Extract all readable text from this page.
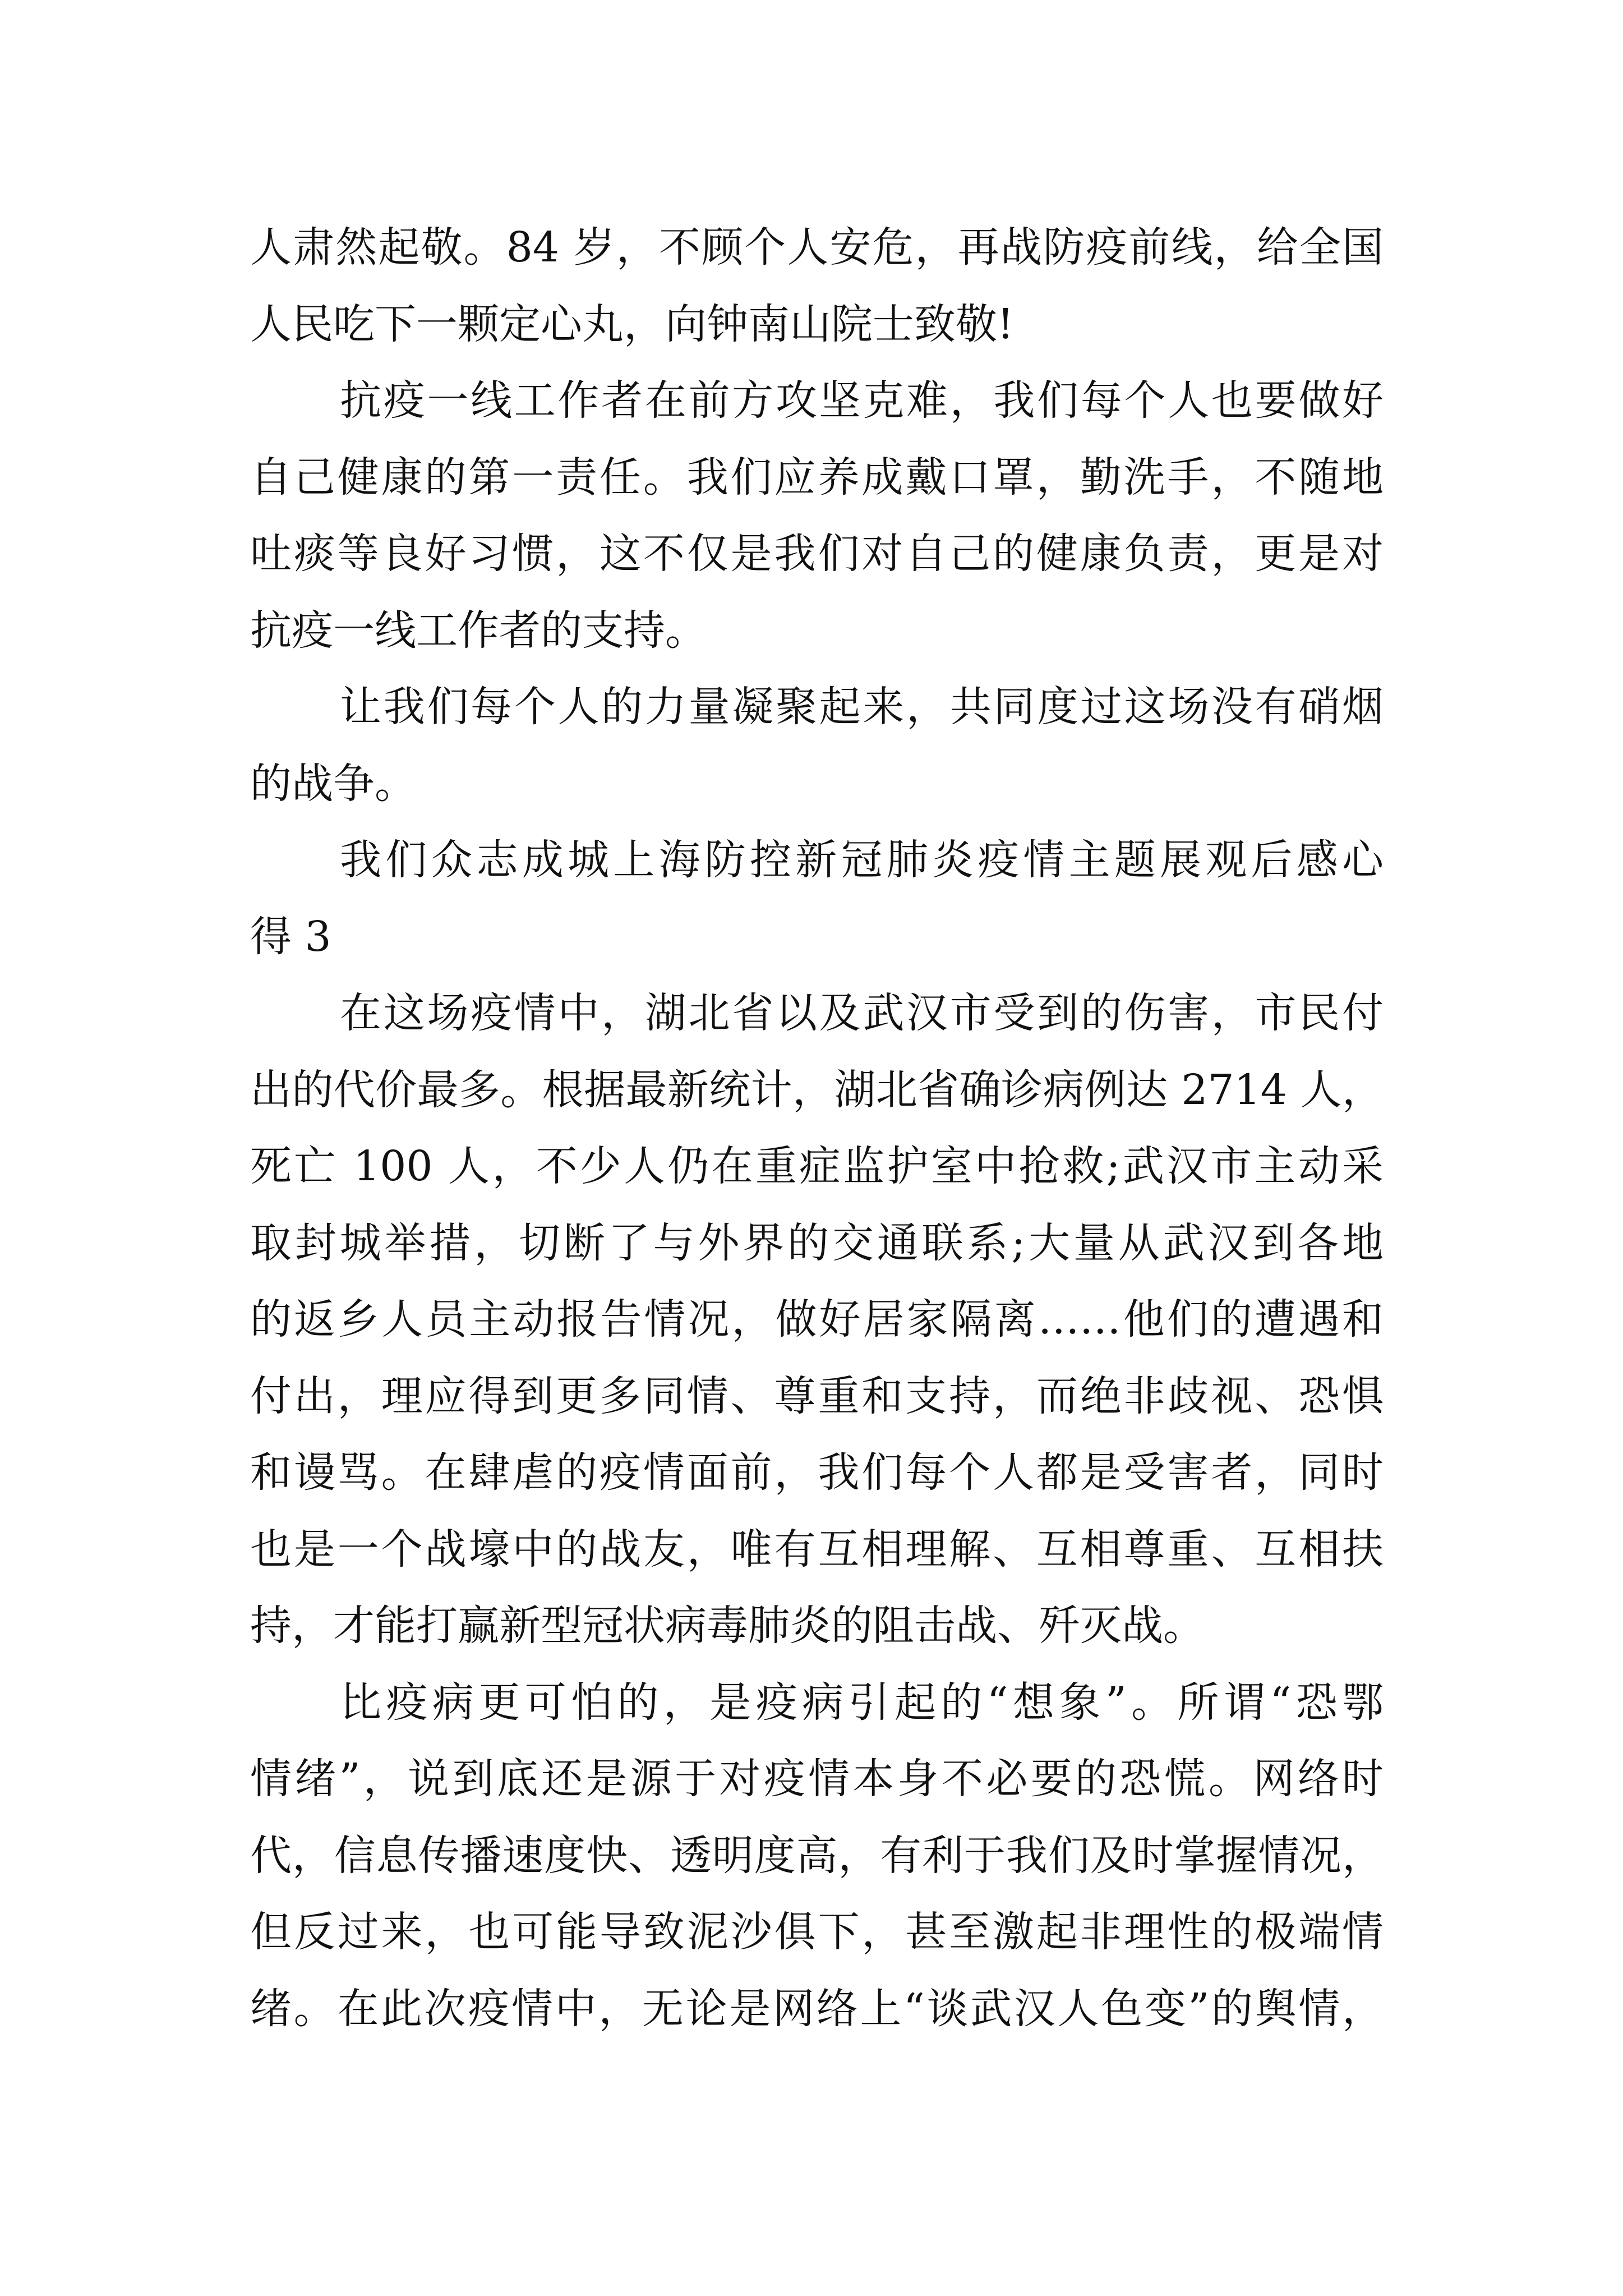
人肃然起敬。84 岁，不顾个人安危，再战防疫前线，给全国
人民吃下一颗定心丸，向钟南山院士致敬!
抗疫一线工作者在前方攻坚克难，我们每个人也要做好
自己健康的第一责任。我们应养成戴口罩，勤洗手，不随地
吐痰等良好习惯，这不仅是我们对自己的健康负责，更是对
抗疫一线工作者的支持。
让我们每个人的力量凝聚起来，共同度过这场没有硝烟
的战争。
我们众志成城上海防控新冠肺炎疫情主题展观后感心
得 3
在这场疫情中，湖北省以及武汉市受到的伤害，市民付
出的代价最多。根据最新统计，湖北省确诊病例达 2714 人，
死亡 100 人，不少人仍在重症监护室中抢救;武汉市主动采
取封城举措，切断了与外界的交通联系;大量从武汉到各地
的返乡人员主动报告情况，做好居家隔离……他们的遭遇和
付出，理应得到更多同情、尊重和支持，而绝非歧视、恐惧
和谩骂。在肆虐的疫情面前，我们每个人都是受害者，同时
也是一个战壕中的战友，唯有互相理解、互相尊重、互相扶
持，才能打赢新型冠状病毒肺炎的阻击战、歼灭战。
比疫病更可怕的，是疫病引起的“想象”。所谓“恐鄂
情绪”，说到底还是源于对疫情本身不必要的恐慌。网络时
代，信息传播速度快、透明度高，有利于我们及时掌握情况，
但反过来，也可能导致泥沙俱下，甚至激起非理性的极端情
绪。在此次疫情中，无论是网络上“谈武汉人色变”的舆情，
